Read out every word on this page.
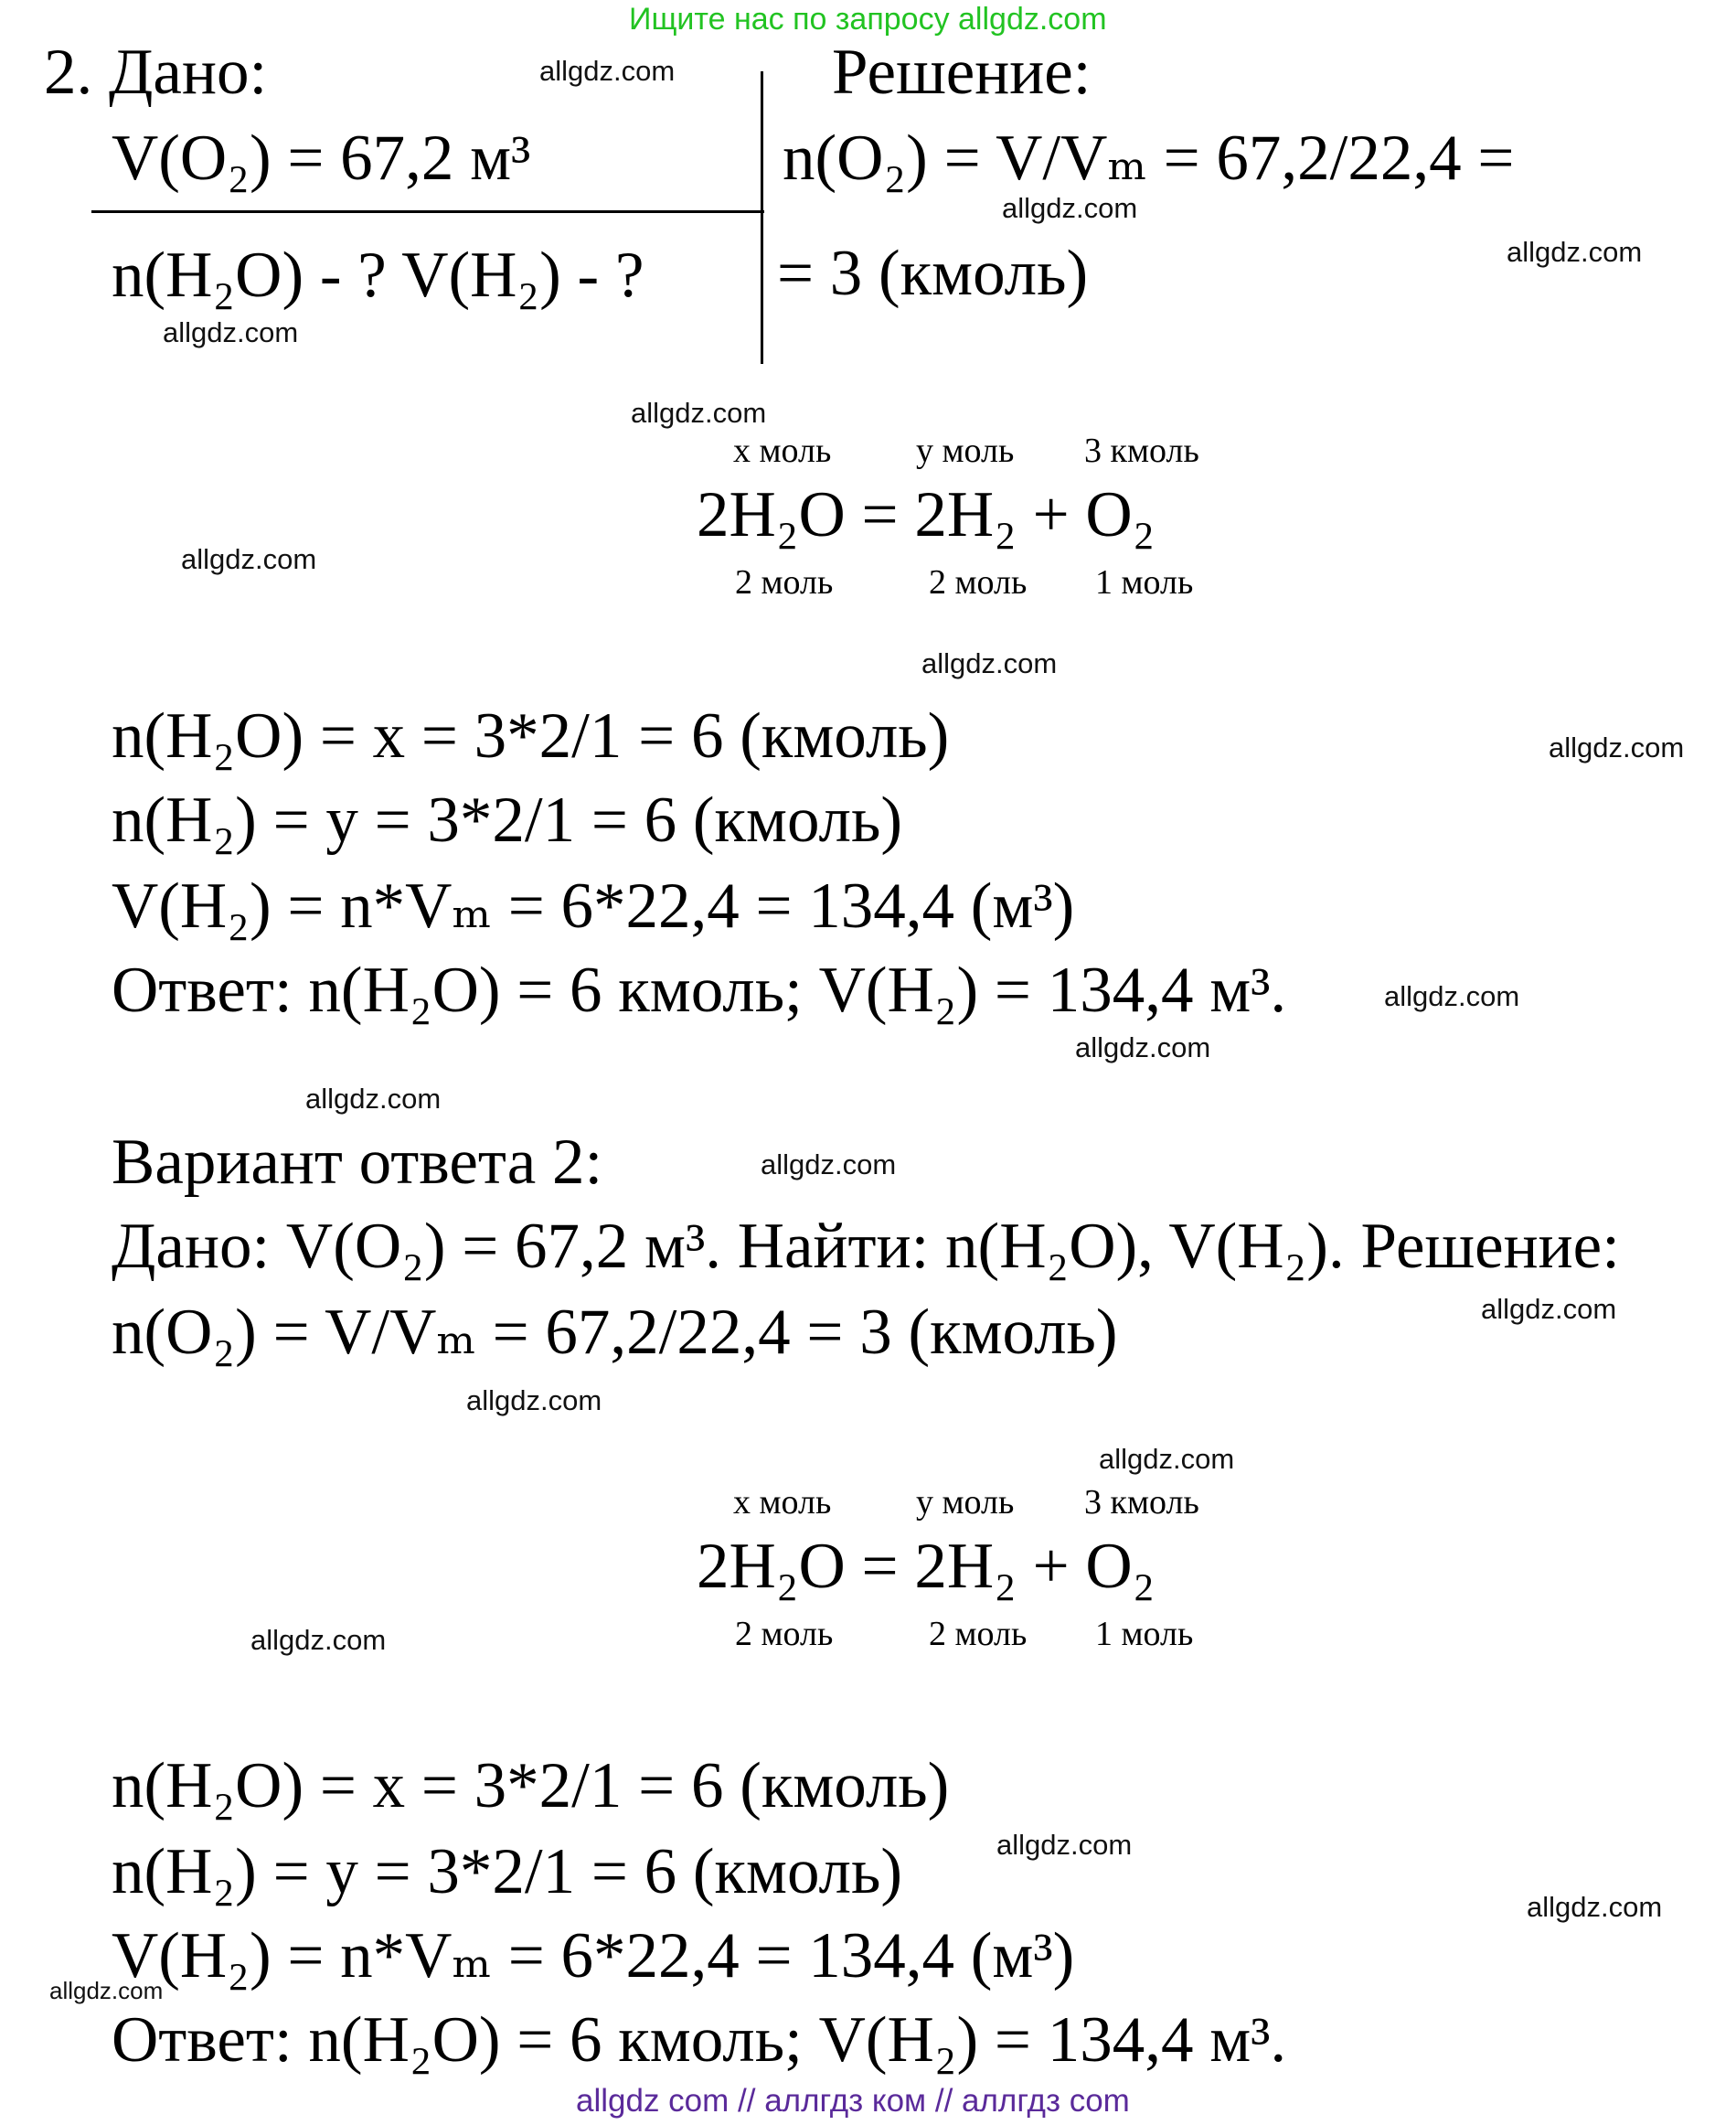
Ищите нас по запросу allgdz.com
2. Дано:
V(O₂) = 67,2 м³
n(H₂O) - ? V(H₂) - ?
Решение:
n(O₂) = V/Vₘ = 67,2/22,4 =
= 3 (кмоль)
x моль y моль 3 кмоль
2H₂O = 2H₂ + O₂
2 моль	2 моль 1 моль
n(H₂O) = x = 3*2/1 = 6 (кмоль)
n(H₂) = y = 3*2/1 = 6 (кмоль)
V(H₂) = n*Vₘ = 6*22,4 = 134,4 (м³)
Ответ: n(H₂O) = 6 кмоль; V(H₂) = 134,4 м³.
Вариант ответа 2:
Дано: V(O₂) = 67,2 м³. Найти: n(H₂O), V(H₂). Решение:
n(O₂) = V/Vₘ = 67,2/22,4 = 3 (кмоль)
x моль y моль 3 кмоль
2H₂O = 2H₂ + O₂
2 моль	2 моль 1 моль
n(H₂O) = x = 3*2/1 = 6 (кмоль)
n(H₂) = y = 3*2/1 = 6 (кмоль)
V(H₂) = n*Vₘ = 6*22,4 = 134,4 (м³)
Ответ: n(H₂O) = 6 кмоль; V(H₂) = 134,4 м³.
allgdz.com
allgdz.com
allgdz.com
allgdz.com
allgdz.com
allgdz.com
allgdz.com
allgdz.com
allgdz.com
allgdz.com
allgdz.com
allgdz.com
allgdz.com
allgdz.com
allgdz.com
allgdz.com
allgdz.com
allgdz.com
allgdz.com
allgdz com // аллгдз ком // аллгдз com
